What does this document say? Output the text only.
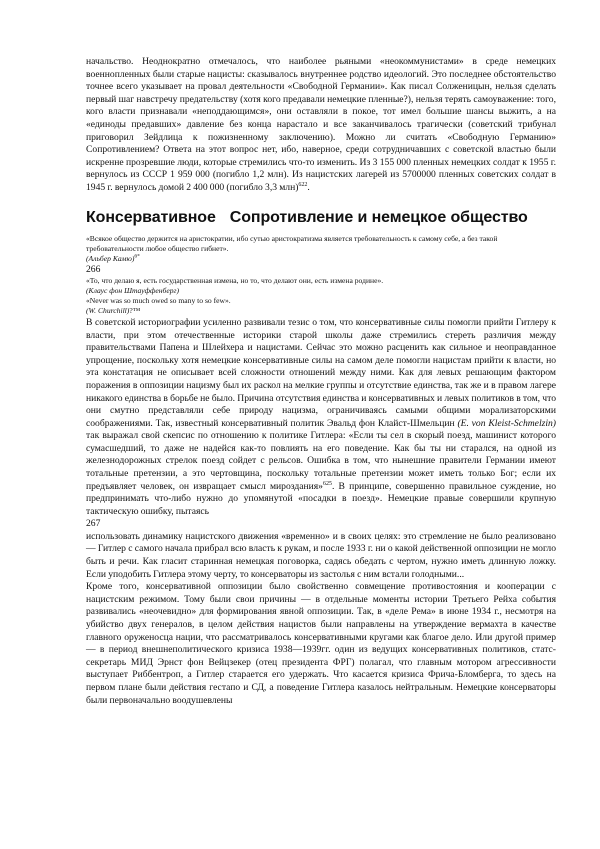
начальство. Неоднократно отмечалось, что наиболее рьяными «неокоммунистами» в среде немецких военнопленных были старые нацисты: сказывалось внутреннее родство идеологий. Это последнее обстоятельство точнее всего указывает на провал деятельности «Свободной Германии». Как писал Солженицын, нельзя сделать первый шаг навстречу предательству (хотя кого предавали немецкие пленные?), нельзя терять самоуважение: того, кого власти признавали «неподдающимся», они оставляли в покое, тот имел большие шансы выжить, а на «единоды предавших» давление без конца нарастало и все заканчивалось трагически (советский трибунал приговорил Зейдлица к пожизненному заключению). Можно ли считать «Свободную Германию» Сопротивлением? Ответа на этот вопрос нет, ибо, наверное, среди сотрудничавших с советской властью были искренне прозревшие люди, которые стремились что-то изменить. Из 3 155 000 пленных немецких солдат к 1955 г. вернулось из СССР 1 959 000 (погибло 1,2 млн). Из нацистских лагерей из 5700000 пленных советских солдат в 1945 г. вернулось домой 2 400 000 (погибло 3,3 млн)$^{622}$.

Консервативное Сопротивление и немецкое общество

«Всякое общество держится на аристократии, ибо сутью аристократизма является требовательность к самому себе, а без такой требовательности любое общество гибнет».

(Альбер Камю)$^{6*}$

266

«То, что делаю я, есть государственная измена, но то, что делают они, есть измена родине».

(Клаус фон Штауффенберг)

«Never was so much owed so many to so few».

(W. Churchill)?™

В советской историографии усиленно развивали тезис о том, что консервативные силы помогли прийти Гитлеру к власти, при этом отечественные историки старой школы даже стремились стереть различия между правительствами Папена и Шлейхера и нацистами. Сейчас это можно расценить как сильное и неоправданное упрощение, поскольку хотя немецкие консервативные силы на самом деле помогли нацистам прийти к власти, но эта констатация не описывает всей сложности отношений между ними. Как для левых решающим фактором поражения в оппозиции нацизму был их раскол на мелкие группы и отсутствие единства, так же и в правом лагере никакого единства в борьбе не было. Причина отсутствия единства и консервативных и левых политиков в том, что они смутно представляли себе природу нацизма, ограничиваясь самыми общими морализаторскими соображениями. Так, известный консервативный политик Эвальд фон Клайст-Шмельцин (E. von Kleist-Schmelzin) так выражал свой скепсис по отношению к политике Гитлера: «Если ты сел в скорый поезд, машинист которого сумасшедший, то даже не надейся как-то повлиять на его поведение. Как бы ты ни старался, на одной из железнодорожных стрелок поезд сойдет с рельсов. Ошибка в том, что нынешние правители Германии имеют тотальные претензии, а это чертовщина, поскольку тотальные претензии может иметь только Бог; если их предъявляет человек, он извращает смысл мироздания»$^{625}$. В принципе, совершенно правильное суждение, но предпринимать что-либо нужно до упомянутой «посадки в поезд». Немецкие правые совершили крупную тактическую ошибку, пытаясь

267

использовать динамику нацистского движения «временно» и в своих целях: это стремление не было реализовано — Гитлер с самого начала прибрал всю власть к рукам, и после 1933 г. ни о какой действенной оппозиции не могло быть и речи. Как гласит старинная немецкая поговорка, садясь обедать с чертом, нужно иметь длинную ложку. Если уподобить Гитлера этому черту, то консерваторы из застолья с ним встали голодными...

Кроме того, консервативной оппозиции было свойственно совмещение противостояния и кооперации с нацистским режимом. Тому были свои причины — в отдельные моменты истории Третьего Рейха события развивались «неочевидно» для формирования явной оппозиции. Так, в «деле Рема» в июне 1934 г., несмотря на убийство двух генералов, в целом действия нацистов были направлены на утверждение вермахта в качестве главного оруженосца нации, что рассматривалось консервативными кругами как благое дело. Или другой пример — в период внешнеполитического кризиса 1938—1939гг. один из ведущих консервативных политиков, статс-секретарь МИД Эрнст фон Вейцзекер (отец президента ФРГ) полагал, что главным мотором агрессивности выступает Риббентроп, а Гитлер старается его удержать. Что касается кризиса Фрича-Бломберга, то здесь на первом плане были действия гестапо и СД, а поведение Гитлера казалось нейтральным. Немецкие консерваторы были первоначально воодушевлены
